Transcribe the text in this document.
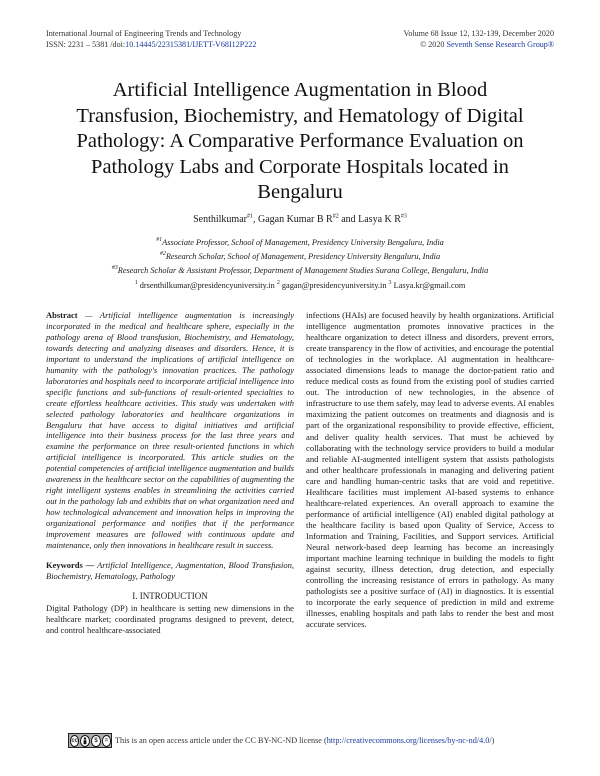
International Journal of Engineering Trends and Technology
ISSN: 2231 – 5381 /doi:10.14445/22315381/IJETT-V68I12P222
Volume 68 Issue 12, 132-139, December 2020
© 2020 Seventh Sense Research Group®
Artificial Intelligence Augmentation in Blood Transfusion, Biochemistry, and Hematology of Digital Pathology: A Comparative Performance Evaluation on Pathology Labs and Corporate Hospitals located in Bengaluru
Senthilkumar$^{\#1}$, Gagan Kumar B $R^{\#2}$ and Lasya K $R^{\#3}$
$^{\#1}$Associate Professor, School of Management, Presidency University Bengaluru, India
$^{\#2}$Research Scholar, School of Management, Presidency University Bengaluru, India
$^{\#3}$Research Scholar & Assistant Professor, Department of Management Studies Surana College, Bengaluru, India
$^1$ drsenthilkumar@presidencyuniversity.in $^2$ gagan@presidencyuniversity.in $^3$ Lasya.kr@gmail.com

Abstract — Artificial intelligence augmentation is increasingly incorporated in the medical and healthcare sphere, especially in the pathology arena of Blood transfusion, Biochemistry, and Hematology, towards detecting and analyzing diseases and disorders. Hence, it is important to understand the implications of artificial intelligence on humanity with the pathology's innovation practices. The pathology laboratories and hospitals need to incorporate artificial intelligence into specific functions and sub-functions of result-oriented specialties to create effortless healthcare activities. This study was undertaken with selected pathology laboratories and healthcare organizations in Bengaluru that have access to digital initiatives and artificial intelligence into their business process for the last three years and examine the performance on three result-oriented functions in which artificial intelligence is incorporated. This article studies on the potential competencies of artificial intelligence augmentation and builds awareness in the healthcare sector on the capabilities of augmenting the right intelligent systems enables in streamlining the activities carried out in the pathology lab and exhibits that on what organization need and how technological advancement and innovation helps in improving the organizational performance and notifies that if the performance improvement measures are followed with continuous update and maintenance, only then innovations in healthcare result in success.

Keywords — Artificial Intelligence, Augmentation, Blood Transfusion, Biochemistry, Hematology, Pathology

I. INTRODUCTION

Digital Pathology (DP) in healthcare is setting new dimensions in the healthcare market; coordinated programs designed to prevent, detect, and control healthcare-associated

infections (HAIs) are focused heavily by health organizations. Artificial intelligence augmentation promotes innovative practices in the healthcare organization to detect illness and disorders, prevent errors, create transparency in the flow of activities, and encourage the potential of technologies in the workplace. AI augmentation in healthcare-associated dimensions leads to manage the doctor-patient ratio and reduce medical costs as found from the existing pool of studies carried out. The introduction of new technologies, in the absence of infrastructure to use them safely, may lead to adverse events. AI enables maximizing the patient outcomes on treatments and diagnosis and is part of the organizational responsibility to provide effective, efficient, and deliver quality health services. That must be achieved by collaborating with the technology service providers to build a modular and reliable AI-augmented intelligent system that assists pathologists and other healthcare professionals in managing and delivering patient care and handling human-centric tasks that are void and repetitive. Healthcare facilities must implement AI-based systems to enhance healthcare-related experiences. An overall approach to examine the performance of artificial intelligence (AI) enabled digital pathology at the healthcare facility is based upon Quality of Service, Access to Information and Training, Facilities, and Support services. Artificial Neural network-based deep learning has become an increasingly important machine learning technique in building the models to fight against security, illness detection, drug detection, and especially controlling the increasing resistance of errors in pathology. As many pathologists see a positive surface of (AI) in diagnostics. It is essential to incorporate the early sequence of prediction in mild and extreme illnesses, enabling hospitals and path labs to render the best and most accurate services.

cc	$	= This is an open access article under the CC BY-NC-ND license ( http://creativecommons.org/licenses/by-nc-nd/4.0/ )
